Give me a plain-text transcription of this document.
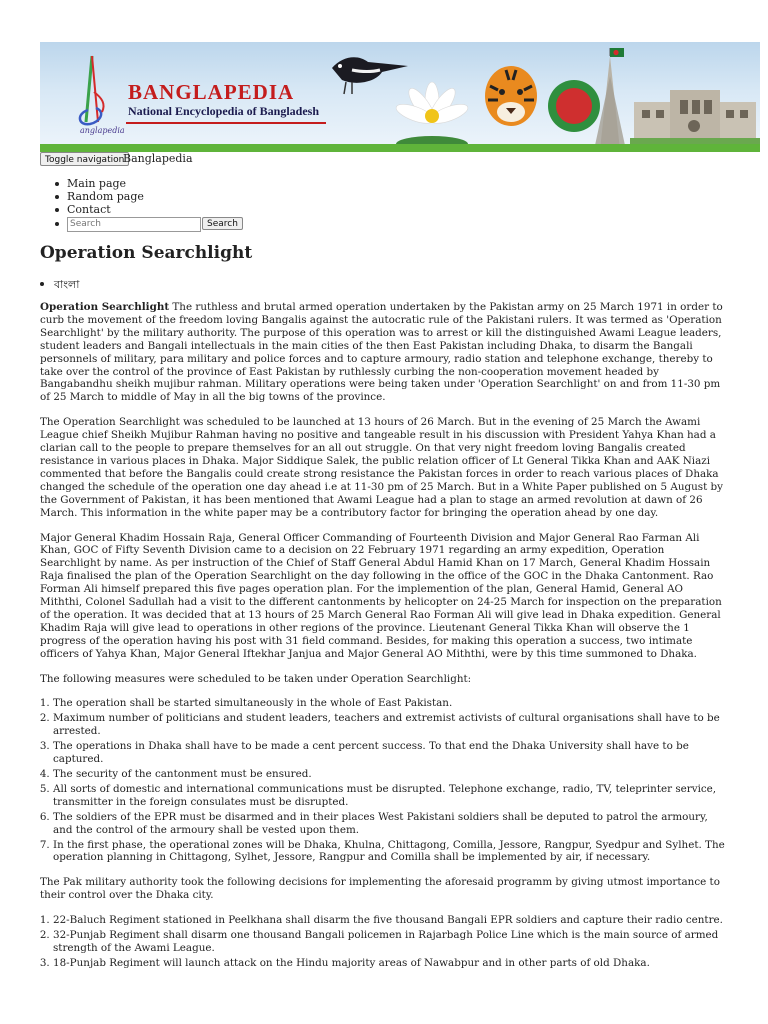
anglapedia
BANGLAPEDIA
National Encyclopedia of Bangladesh
Toggle navigation
Banglapedia
Main page
Random page
Contact
Search
Search
Operation Searchlight
বাংলা

Operation Searchlight The ruthless and brutal armed operation undertaken by the Pakistan army on 25 March 1971 in order to curb the movement of the freedom loving Bangalis against the autocratic rule of the Pakistani rulers. It was termed as 'Operation Searchlight' by the military authority. The purpose of this operation was to arrest or kill the distinguished Awami League leaders, student leaders and Bangali intellectuals in the main cities of the then East Pakistan including Dhaka, to disarm the Bangali personnels of military, para military and police forces and to capture armoury, radio station and telephone exchange, thereby to take over the control of the province of East Pakistan by ruthlessly curbing the non-cooperation movement headed by Bangabandhu sheikh mujibur rahman. Military operations were being taken under 'Operation Searchlight' on and from 11-30 pm of 25 March to middle of May in all the big towns of the province.

The Operation Searchlight was scheduled to be launched at 13 hours of 26 March. But in the evening of 25 March the Awami League chief Sheikh Mujibur Rahman having no positive and tangeable result in his discussion with President Yahya Khan had a clarian call to the people to prepare themselves for an all out struggle. On that very night freedom loving Bangalis created resistance in various places in Dhaka. Major Siddique Salek, the public relation officer of Lt General Tikka Khan and AAK Niazi commented that before the Bangalis could create strong resistance the Pakistan forces in order to reach various places of Dhaka changed the schedule of the operation one day ahead i.e at 11-30 pm of 25 March. But in a White Paper published on 5 August by the Government of Pakistan, it has been mentioned that Awami League had a plan to stage an armed revolution at dawn of 26 March. This information in the white paper may be a contributory factor for bringing the operation ahead by one day.

Major General Khadim Hossain Raja, General Officer Commanding of Fourteenth Division and Major General Rao Farman Ali Khan, GOC of Fifty Seventh Division came to a decision on 22 February 1971 regarding an army expedition, Operation Searchlight by name. As per instruction of the Chief of Staff General Abdul Hamid Khan on 17 March, General Khadim Hossain Raja finalised the plan of the Operation Searchlight on the day following in the office of the GOC in the Dhaka Cantonment. Rao Forman Ali himself prepared this five pages operation plan. For the implemention of the plan, General Hamid, General AO Miththi, Colonel Sadullah had a visit to the different cantonments by helicopter on 24-25 March for inspection on the preparation of the operation. It was decided that at 13 hours of 25 March General Rao Forman Ali will give lead in Dhaka expedition. General Khadim Raja will give lead to operations in other regions of the province. Lieutenant General Tikka Khan will observe the 1 progress of the operation having his post with 31 field command. Besides, for making this operation a success, two intimate officers of Yahya Khan, Major General Iftekhar Janjua and Major General AO Miththi, were by this time summoned to Dhaka.

The following measures were scheduled to be taken under Operation Searchlight:

1. The operation shall be started simultaneously in the whole of East Pakistan.
2. Maximum number of politicians and student leaders, teachers and extremist activists of cultural organisations shall have to be arrested.
3. The operations in Dhaka shall have to be made a cent percent success. To that end the Dhaka University shall have to be captured.
4. The security of the cantonment must be ensured.
5. All sorts of domestic and international communications must be disrupted. Telephone exchange, radio, TV, teleprinter service, transmitter in the foreign consulates must be disrupted.
6. The soldiers of the EPR must be disarmed and in their places West Pakistani soldiers shall be deputed to patrol the armoury, and the control of the armoury shall be vested upon them.
7. In the first phase, the operational zones will be Dhaka, Khulna, Chittagong, Comilla, Jessore, Rangpur, Syedpur and Sylhet. The operation planning in Chittagong, Sylhet, Jessore, Rangpur and Comilla shall be implemented by air, if necessary.

The Pak military authority took the following decisions for implementing the aforesaid programm by giving utmost importance to their control over the Dhaka city.

1. 22-Baluch Regiment stationed in Peelkhana shall disarm the five thousand Bangali EPR soldiers and capture their radio centre.
2. 32-Punjab Regiment shall disarm one thousand Bangali policemen in Rajarbagh Police Line which is the main source of armed strength of the Awami League.
3. 18-Punjab Regiment will launch attack on the Hindu majority areas of Nawabpur and in other parts of old Dhaka.
